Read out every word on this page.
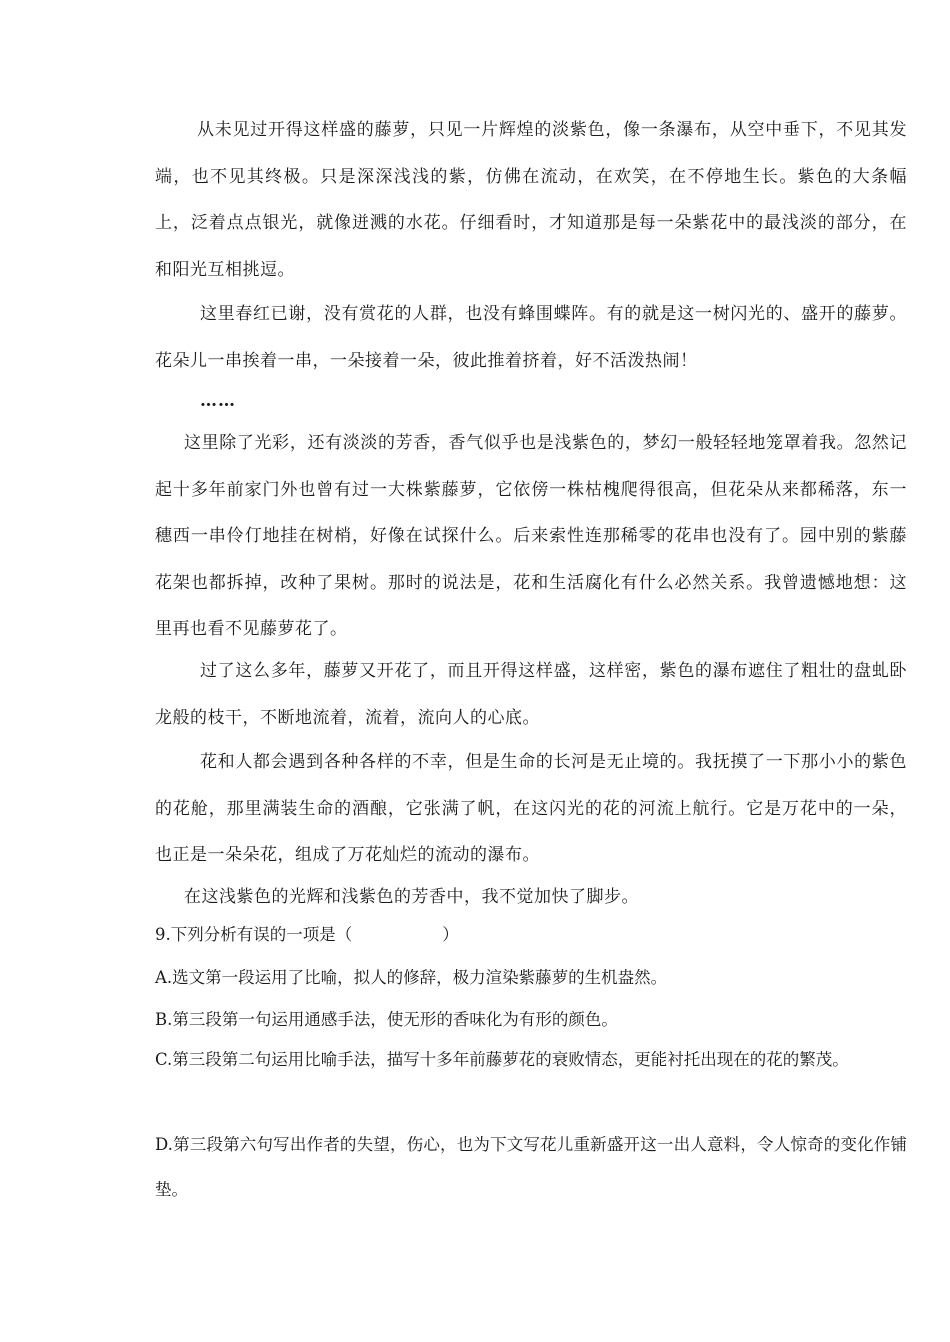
从未见过开得这样盛的藤萝，只见一片辉煌的淡紫色，像一条瀑布，从空中垂下，不见其发端，也不见其终极。只是深深浅浅的紫，仿佛在流动，在欢笑，在不停地生长。紫色的大条幅上，泛着点点银光，就像迸溅的水花。仔细看时，才知道那是每一朵紫花中的最浅淡的部分，在和阳光互相挑逗。

这里春红已谢，没有赏花的人群，也没有蜂围蝶阵。有的就是这一树闪光的、盛开的藤萝。花朵儿一串挨着一串，一朵接着一朵，彼此推着挤着，好不活泼热闹！

……

这里除了光彩，还有淡淡的芳香，香气似乎也是浅紫色的，梦幻一般轻轻地笼罩着我。忽然记起十多年前家门外也曾有过一大株紫藤萝，它依傍一株枯槐爬得很高，但花朵从来都稀落，东一穗西一串伶仃地挂在树梢，好像在试探什么。后来索性连那稀零的花串也没有了。园中别的紫藤花架也都拆掉，改种了果树。那时的说法是，花和生活腐化有什么必然关系。我曾遗憾地想：这里再也看不见藤萝花了。

过了这么多年，藤萝又开花了，而且开得这样盛，这样密，紫色的瀑布遮住了粗壮的盘虬卧龙般的枝干，不断地流着，流着，流向人的心底。

花和人都会遇到各种各样的不幸，但是生命的长河是无止境的。我抚摸了一下那小小的紫色的花舱，那里满装生命的酒酿，它张满了帆，在这闪光的花的河流上航行。它是万花中的一朵，也正是一朵朵花，组成了万花灿烂的流动的瀑布。

在这浅紫色的光辉和浅紫色的芳香中，我不觉加快了脚步。

9.下列分析有误的一项是（	）

A.选文第一段运用了比喻，拟人的修辞，极力渲染紫藤萝的生机盎然。

B.第三段第一句运用通感手法，使无形的香味化为有形的颜色。

C.第三段第二句运用比喻手法，描写十多年前藤萝花的衰败情态，更能衬托出现在的花的繁茂。

D.第三段第六句写出作者的失望，伤心，也为下文写花儿重新盛开这一出人意料，令人惊奇的变化作铺垫。
